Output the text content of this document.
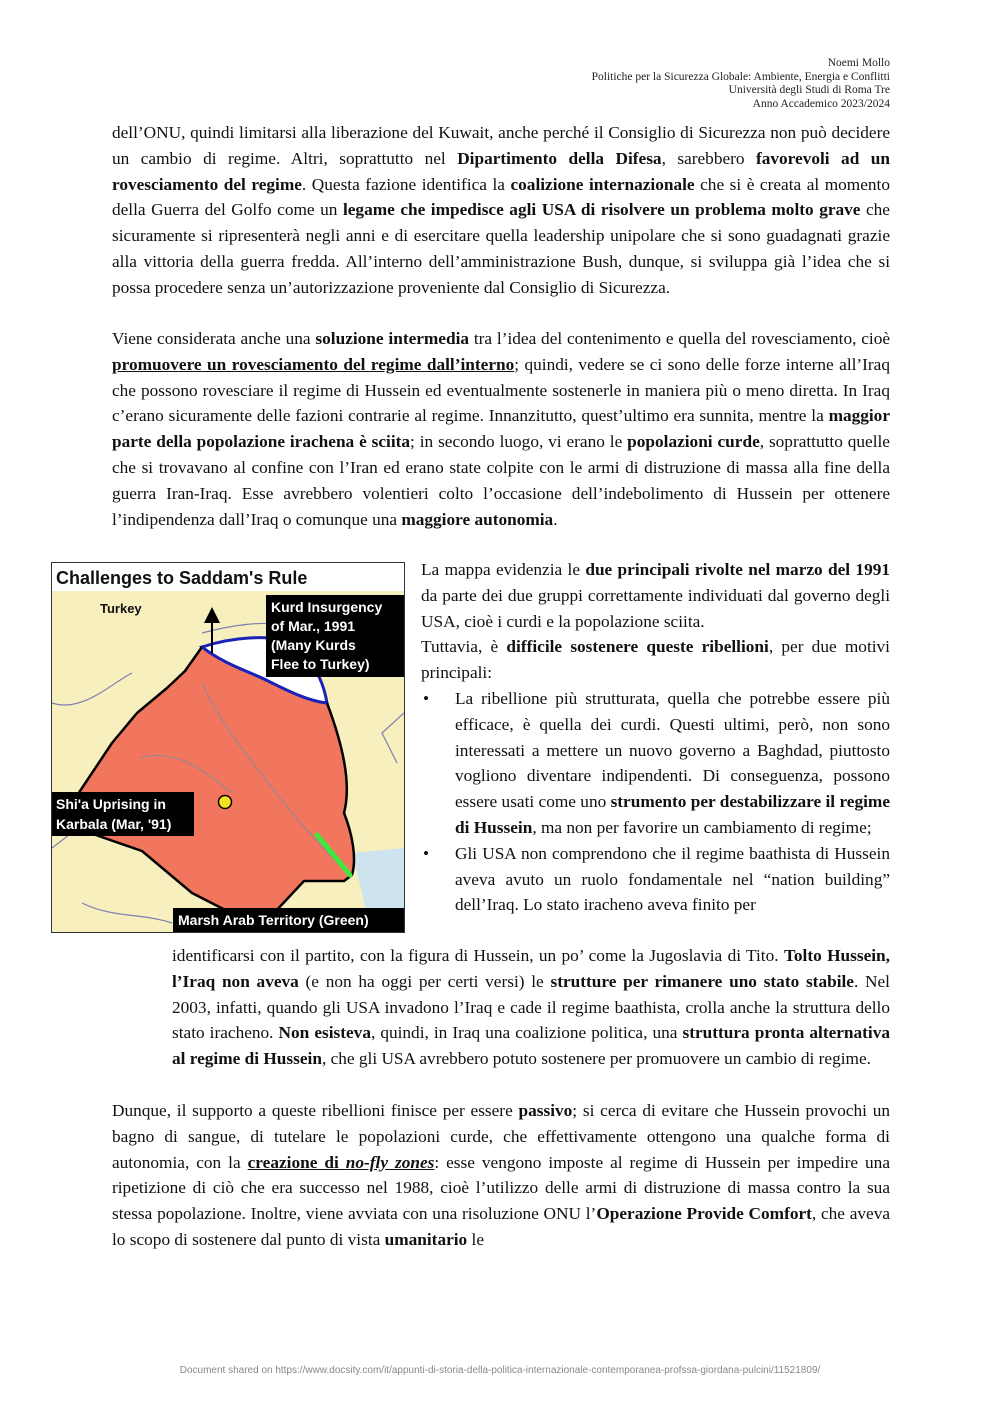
Noemi Mollo
Politiche per la Sicurezza Globale: Ambiente, Energia e Conflitti
Università degli Studi di Roma Tre
Anno Accademico 2023/2024
dell’ONU, quindi limitarsi alla liberazione del Kuwait, anche perché il Consiglio di Sicurezza non può decidere un cambio di regime. Altri, soprattutto nel Dipartimento della Difesa, sarebbero favorevoli ad un rovesciamento del regime. Questa fazione identifica la coalizione internazionale che si è creata al momento della Guerra del Golfo come un legame che impedisce agli USA di risolvere un problema molto grave che sicuramente si ripresenterà negli anni e di esercitare quella leadership unipolare che si sono guadagnati grazie alla vittoria della guerra fredda. All’interno dell’amministrazione Bush, dunque, si sviluppa già l’idea che si possa procedere senza un’autorizzazione proveniente dal Consiglio di Sicurezza.
Viene considerata anche una soluzione intermedia tra l’idea del contenimento e quella del rovesciamento, cioè promuovere un rovesciamento del regime dall’interno; quindi, vedere se ci sono delle forze interne all’Iraq che possono rovesciare il regime di Hussein ed eventualmente sostenerle in maniera più o meno diretta. In Iraq c’erano sicuramente delle fazioni contrarie al regime. Innanzitutto, quest’ultimo era sunnita, mentre la maggior parte della popolazione irachena è sciita; in secondo luogo, vi erano le popolazioni curde, soprattutto quelle che si trovavano al confine con l’Iran ed erano state colpite con le armi di distruzione di massa alla fine della guerra Iran-Iraq. Esse avrebbero volentieri colto l’occasione dell’indebolimento di Hussein per ottenere l’indipendenza dall’Iraq o comunque una maggiore autonomia.
Challenges to Saddam's Rule
Turkey	Kurd Insurgency
of Mar., 1991
(Many Kurds
Flee to Turkey)
Shi'a Uprising in
Karbala (Mar, '91)
Marsh Arab Territory (Green)
La mappa evidenzia le due principali rivolte nel marzo del 1991 da parte dei due gruppi correttamente individuati dal governo degli USA, cioè i curdi e la popolazione sciita.
Tuttavia, è difficile sostenere queste ribellioni, per due motivi principali:
• La ribellione più strutturata, quella che potrebbe essere più efficace, è quella dei curdi. Questi ultimi, però, non sono interessati a mettere un nuovo governo a Baghdad, piuttosto vogliono diventare indipendenti. Di conseguenza, possono essere usati come uno strumento per destabilizzare il regime di Hussein, ma non per favorire un cambiamento di regime;
• Gli USA non comprendono che il regime baathista di Hussein aveva avuto un ruolo fondamentale nel “nation building” dell’Iraq. Lo stato iracheno aveva finito per
identificarsi con il partito, con la figura di Hussein, un po’ come la Jugoslavia di Tito. Tolto Hussein, l’Iraq non aveva (e non ha oggi per certi versi) le strutture per rimanere uno stato stabile. Nel 2003, infatti, quando gli USA invadono l’Iraq e cade il regime baathista, crolla anche la struttura dello stato iracheno. Non esisteva, quindi, in Iraq una coalizione politica, una struttura pronta alternativa al regime di Hussein, che gli USA avrebbero potuto sostenere per promuovere un cambio di regime.
Dunque, il supporto a queste ribellioni finisce per essere passivo; si cerca di evitare che Hussein provochi un bagno di sangue, di tutelare le popolazioni curde, che effettivamente ottengono una qualche forma di autonomia, con la creazione di no-fly zones: esse vengono imposte al regime di Hussein per impedire una ripetizione di ciò che era successo nel 1988, cioè l’utilizzo delle armi di distruzione di massa contro la sua stessa popolazione. Inoltre, viene avviata con una risoluzione ONU l’Operazione Provide Comfort, che aveva lo scopo di sostenere dal punto di vista umanitario le
Document shared on https://www.docsity.com/it/appunti-di-storia-della-politica-internazionale-contemporanea-profssa-giordana-pulcini/11521809/
